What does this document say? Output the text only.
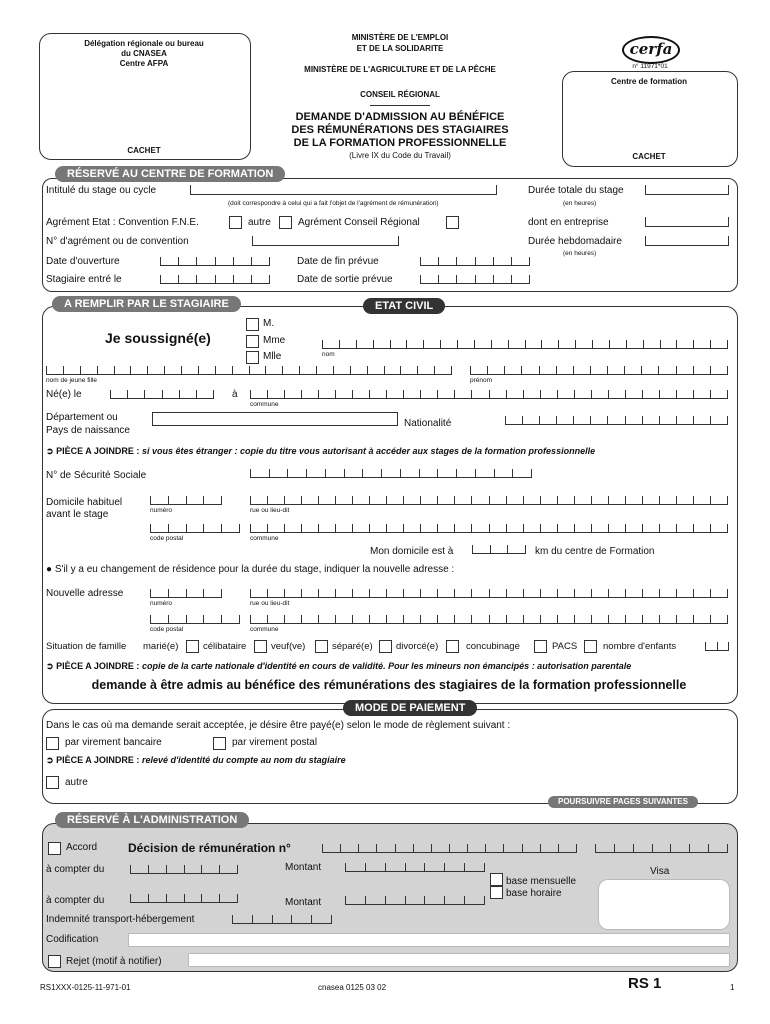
Délégation régionale ou bureau
du CNASEA
Centre AFPA
CACHET
MINISTÈRE DE L'EMPLOI
ET DE LA SOLIDARITE
MINISTÈRE DE L'AGRICULTURE ET DE LA PÊCHE
CONSEIL RÉGIONAL
DEMANDE D'ADMISSION AU BÉNÉFICE
DES RÉMUNÉRATIONS DES STAGIAIRES
DE LA FORMATION PROFESSIONNELLE
(Livre IX du Code du Travail)
cerfa
n° 11971*01
Centre de formation
CACHET
RÉSERVÉ AU CENTRE DE FORMATION
Intitulé du stage ou cycle
(doit correspondre à celui qui a fait l'objet de l'agrément de rémunération)
Durée totale du stage
(en heures)
Agrément Etat : Convention F.N.E.	autre	Agrément Conseil Régional	dont en entreprise
N° d'agrément ou de convention	Durée hebdomadaire
(en heures)
Date d'ouverture	Date de fin prévue
Stagiaire entré le	Date de sortie prévue
A REMPLIR PAR LE STAGIAIRE	ETAT CIVIL
Je soussigné(e)
M.
Mme
Mlle	nom
nom de jeune fille	prénom
Né(e) le	à
commune
Département ou
Pays de naissance
Nationalité
➲ PIÈCE A JOINDRE : si vous êtes étranger : copie du titre vous autorisant à accéder aux stages de la formation professionnelle
N° de Sécurité Sociale
Domicile habituel
avant le stage	numéro	rue ou lieu-dit
code postal	commune
Mon domicile est à	km du centre de Formation
● S'il y a eu changement de résidence pour la durée du stage, indiquer la nouvelle adresse :
Nouvelle adresse
numéro	rue ou lieu-dit
code postal	commune
Situation de famille marié(e)	célibataire	veuf(ve)	séparé(e) divorcé(e)	concubinage	PACS	nombre d'enfants
➲ PIÈCE A JOINDRE : copie de la carte nationale d'identité en cours de validité. Pour les mineurs non émancipés : autorisation parentale
demande à être admis au bénéfice des rémunérations des stagiaires de la formation professionnelle
MODE DE PAIEMENT
Dans le cas où ma demande serait acceptée, je désire être payé(e) selon le mode de règlement suivant :
par virement bancaire	par virement postal
➲ PIÈCE A JOINDRE : relevé d'identité du compte au nom du stagiaire
autre
POURSUIVRE PAGES SUIVANTES
RÉSERVÉ À L'ADMINISTRATION
Accord	Décision de rémunération n°
à compter du	Montant
base mensuelle
base horaire
Visa
à compter du	Montant
Indemnité transport-hébergement
Codification
Rejet (motif à notifier)
RS1XXX-0125-11-971-01	cnasea 0125 03 02	RS 1	1
